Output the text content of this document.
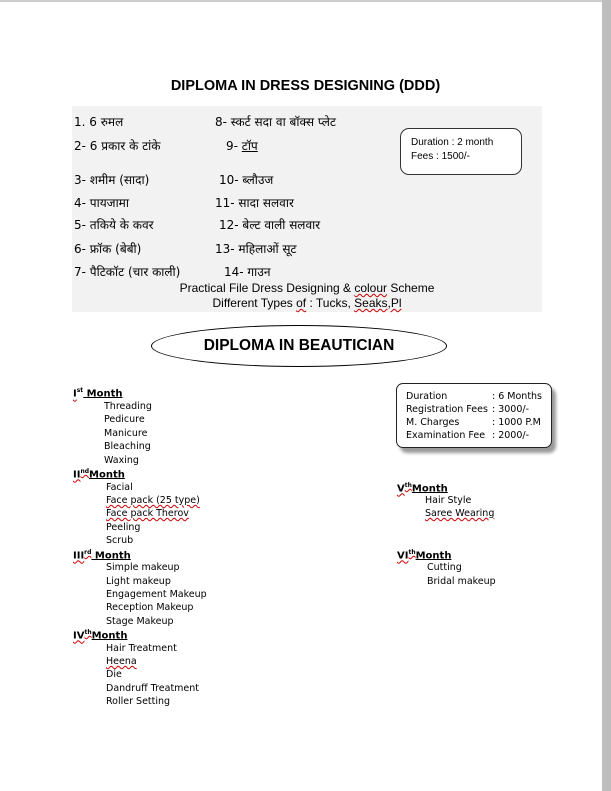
DIPLOMA IN DRESS DESIGNING (DDD)
1. 6 रुमल
2- 6 प्रकार के टांके
3- शमीम (सादा)
4- पायजामा
5- तकिये के कवर
6- फ्रॉक (बेबी)
7- पैटिकॉट (चार काली)
8- स्कर्ट सदा वा बॉक्स प्लेट
9- टॉप
10- ब्लौउज
11- सादा सलवार
12- बेल्ट वाली सलवार
13- महिलाओं सूट
14- गाउन
Practical File Dress Designing & colour Scheme
Different Types of : Tucks, Seaks,Pl
Duration : 2 month
Fees : 1500/-
DIPLOMA IN BEAUTICIAN
Duration	: 6 Months
Registration Fees : 3000/-
M. Charges	: 1000 P.M
Examination Fee : 2000/-
Ist Month
Threading
Pedicure
Manicure
Bleaching
Waxing
IIndMonth
Facial
Face pack (25 type)
Face pack Therov
Peeling
Scrub
IIIrd Month
Simple makeup
Light makeup
Engagement Makeup
Reception Makeup
Stage Makeup
IVthMonth
Hair Treatment
Heena
Die
Dandruff Treatment
Roller Setting
VthMonth
Hair Style
Saree Wearing
VIthMonth
Cutting
Bridal makeup
